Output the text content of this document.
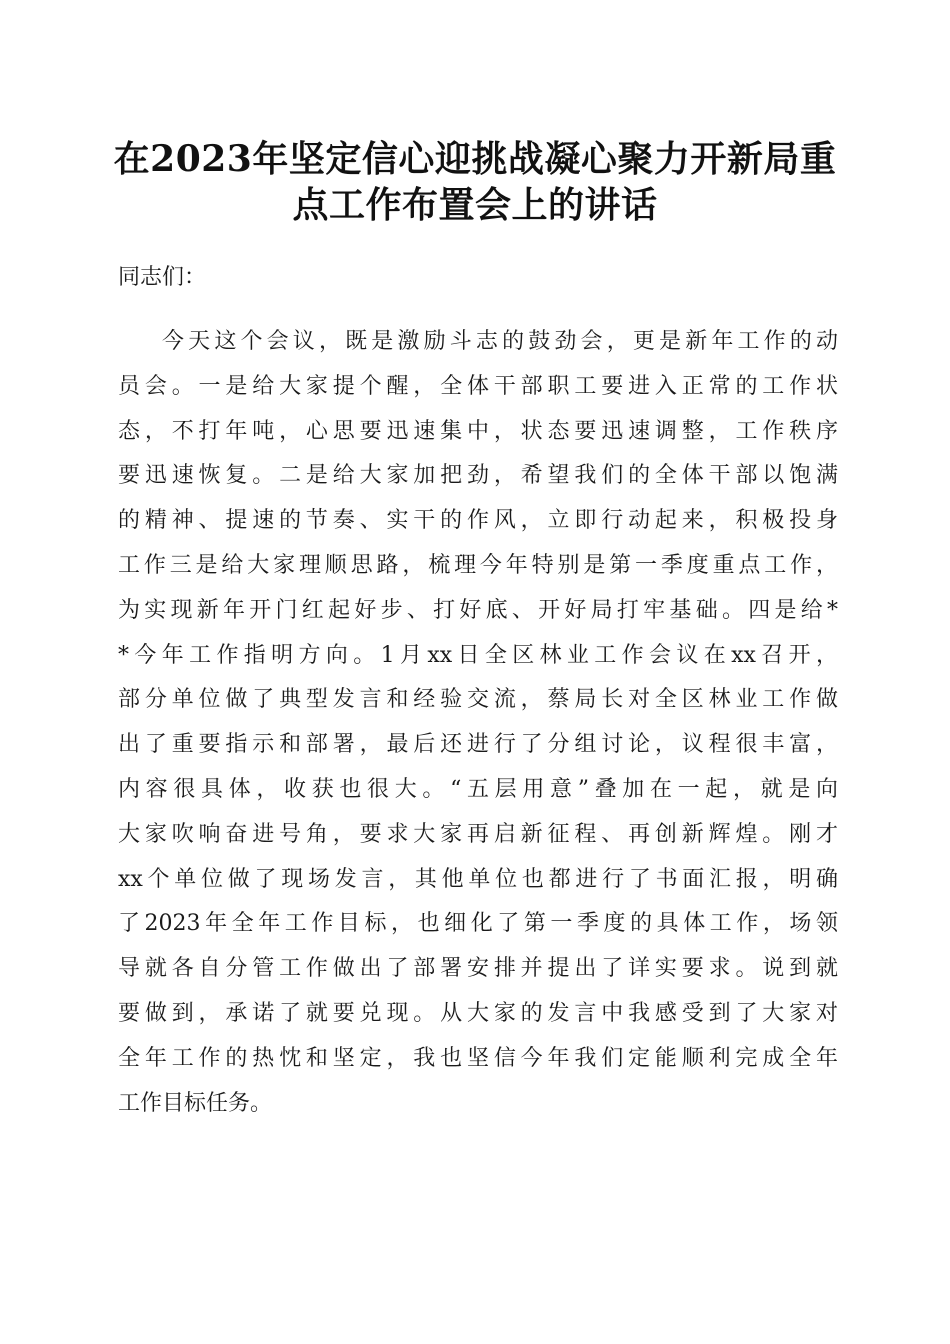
在2023年坚定信心迎挑战凝心聚力开新局重
点工作布置会上的讲话

同志们：

今天这个会议，既是激励斗志的鼓劲会，更是新年工作的动
员会。一是给大家提个醒，全体干部职工要进入正常的工作状
态，不打年吨，心思要迅速集中，状态要迅速调整，工作秩序
要迅速恢复。二是给大家加把劲，希望我们的全体干部以饱满
的精神、提速的节奏、实干的作风，立即行动起来，积极投身
工作三是给大家理顺思路，梳理今年特别是第一季度重点工作，
为实现新年开门红起好步、打好底、开好局打牢基础。四是给*
*今年工作指明方向。1月xx日全区林业工作会议在xx召开，
部分单位做了典型发言和经验交流，蔡局长对全区林业工作做
出了重要指示和部署，最后还进行了分组讨论，议程很丰富，
内容很具体，收获也很大。“五层用意”叠加在一起，就是向
大家吹响奋进号角，要求大家再启新征程、再创新辉煌。刚才
xx个单位做了现场发言，其他单位也都进行了书面汇报，明确
了2023年全年工作目标，也细化了第一季度的具体工作，场领
导就各自分管工作做出了部署安排并提出了详实要求。说到就
要做到，承诺了就要兑现。从大家的发言中我感受到了大家对
全年工作的热忱和坚定，我也坚信今年我们定能顺利完成全年
工作目标任务。
